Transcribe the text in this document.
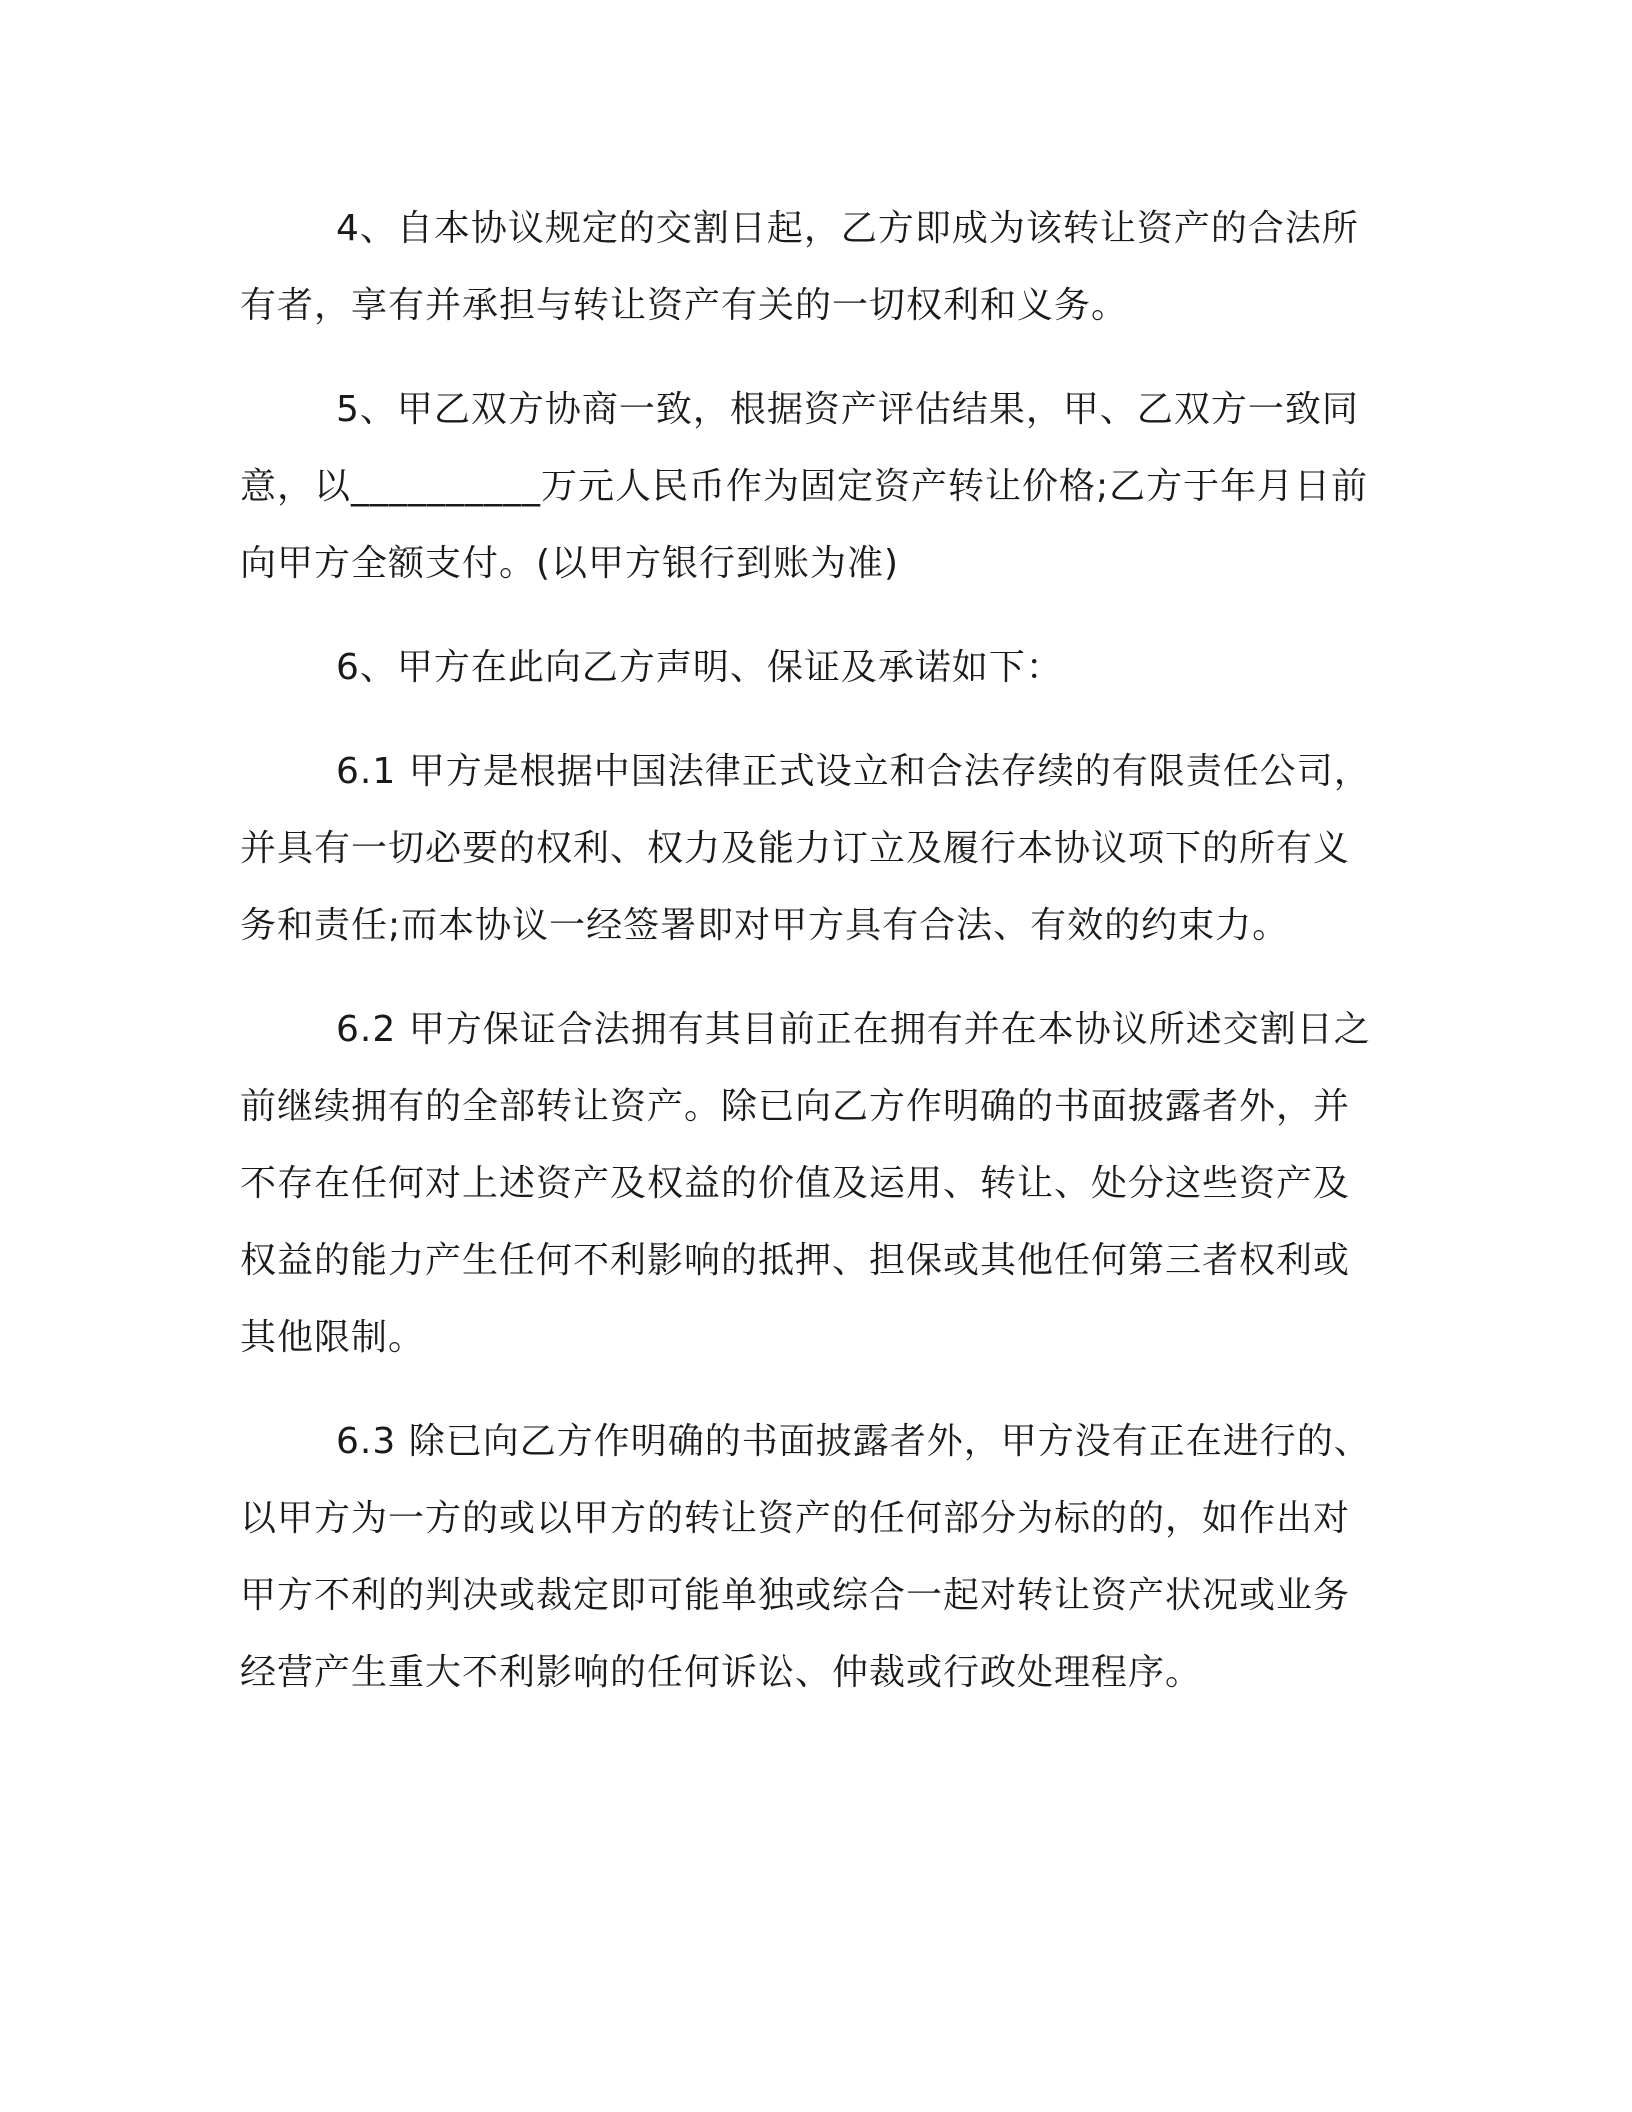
4、自本协议规定的交割日起，乙方即成为该转让资产的合法所
有者，享有并承担与转让资产有关的一切权利和义务。
5、甲乙双方协商一致，根据资产评估结果，甲、乙双方一致同
意，以__________万元人民币作为固定资产转让价格;乙方于年月日前
向甲方全额支付。(以甲方银行到账为准)
6、甲方在此向乙方声明、保证及承诺如下：
6.1 甲方是根据中国法律正式设立和合法存续的有限责任公司，
并具有一切必要的权利、权力及能力订立及履行本协议项下的所有义
务和责任;而本协议一经签署即对甲方具有合法、有效的约束力。
6.2 甲方保证合法拥有其目前正在拥有并在本协议所述交割日之
前继续拥有的全部转让资产。除已向乙方作明确的书面披露者外，并
不存在任何对上述资产及权益的价值及运用、转让、处分这些资产及
权益的能力产生任何不利影响的抵押、担保或其他任何第三者权利或
其他限制。
6.3 除已向乙方作明确的书面披露者外，甲方没有正在进行的、
以甲方为一方的或以甲方的转让资产的任何部分为标的的，如作出对
甲方不利的判决或裁定即可能单独或综合一起对转让资产状况或业务
经营产生重大不利影响的任何诉讼、仲裁或行政处理程序。
